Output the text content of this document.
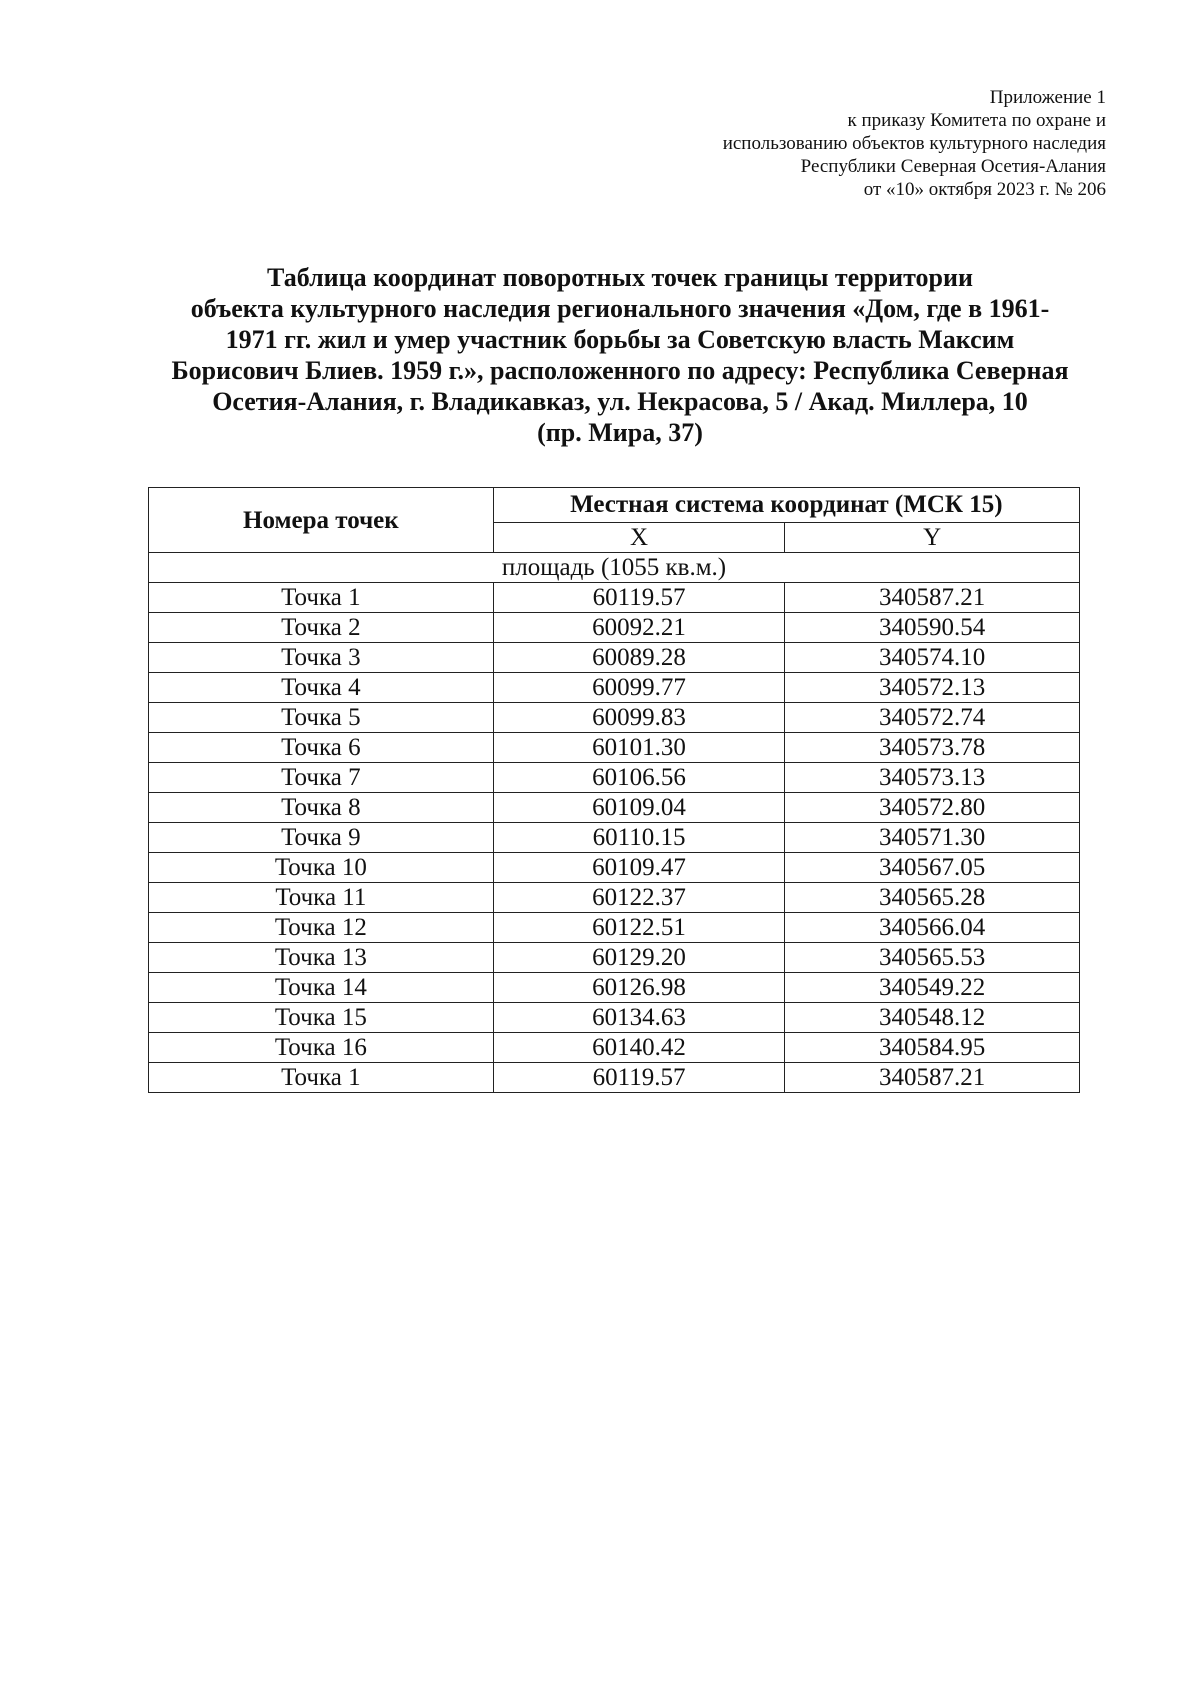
Приложение 1
к приказу Комитета по охране и
использованию объектов культурного наследия
Республики Северная Осетия-Алания
от «10» октября 2023 г. № 206
Таблица координат поворотных точек границы территории
объекта культурного наследия регионального значения «Дом, где в 1961-
1971 гг. жил и умер участник борьбы за Советскую власть Максим
Борисович Блиев. 1959 г.», расположенного по адресу: Республика Северная
Осетия-Алания, г. Владикавказ, ул. Некрасова, 5 / Акад. Миллера, 10
(пр. Мира, 37)
Номера точек	Местная система координат (МСК 15)	
	X	Y
площадь (1055 кв.м.)		
Точка 1	60119.57	340587.21
Точка 2	60092.21	340590.54
Точка 3	60089.28	340574.10
Точка 4	60099.77	340572.13
Точка 5	60099.83	340572.74
Точка 6	60101.30	340573.78
Точка 7	60106.56	340573.13
Точка 8	60109.04	340572.80
Точка 9	60110.15	340571.30
Точка 10	60109.47	340567.05
Точка 11	60122.37	340565.28
Точка 12	60122.51	340566.04
Точка 13	60129.20	340565.53
Точка 14	60126.98	340549.22
Точка 15	60134.63	340548.12
Точка 16	60140.42	340584.95
Точка 1	60119.57	340587.21
